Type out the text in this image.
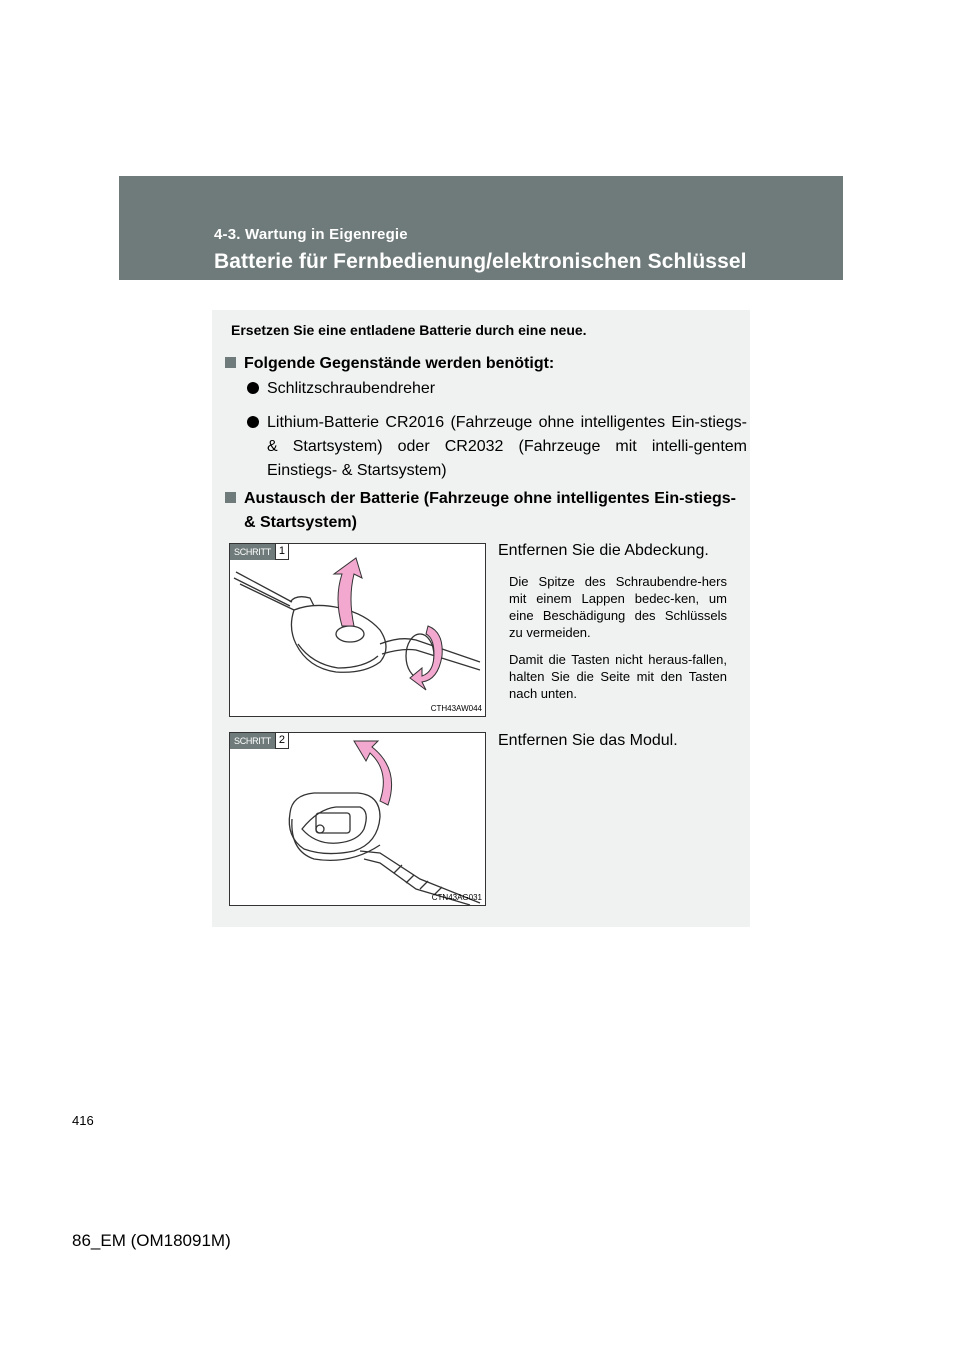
4-3. Wartung in Eigenregie
Batterie für Fernbedienung/elektronischen Schlüssel
Ersetzen Sie eine entladene Batterie durch eine neue.
Folgende Gegenstände werden benötigt:
Schlitzschraubendreher
Lithium-Batterie CR2016 (Fahrzeuge ohne intelligentes Ein-stiegs- & Startsystem) oder CR2032 (Fahrzeuge mit intelli-gentem Einstiegs- & Startsystem)
Austausch der Batterie (Fahrzeuge ohne intelligentes Ein-stiegs- & Startsystem)
SCHRITT 1
CTH43AW044
Entfernen Sie die Abdeckung.
Die Spitze des Schraubendre-hers mit einem Lappen bedec-ken, um eine Beschädigung des Schlüssels zu vermeiden.
Damit die Tasten nicht heraus-fallen, halten Sie die Seite mit den Tasten nach unten.
SCHRITT 2
CTN43AG031
Entfernen Sie das Modul.
416
86_EM (OM18091M)
